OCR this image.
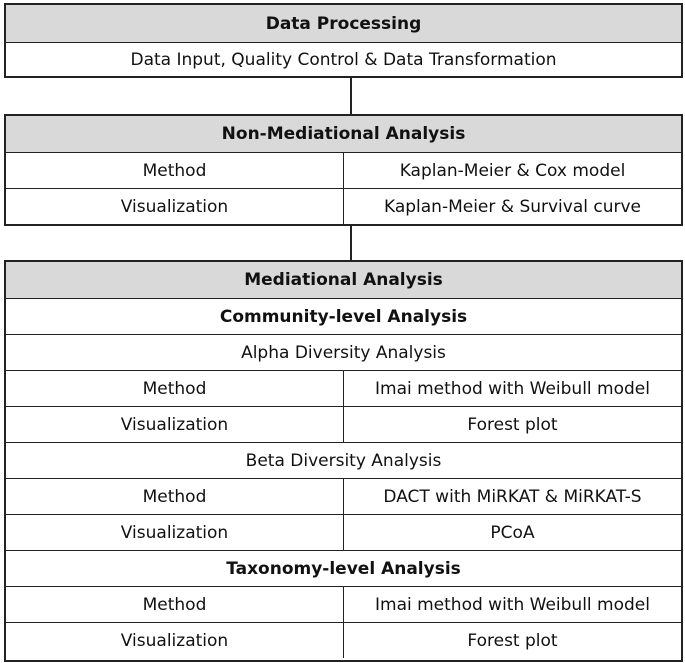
Data Processing
Data Input, Quality Control & Data Transformation
Non-Mediational Analysis
Method	Kaplan-Meier & Cox model
Visualization	Kaplan-Meier & Survival curve
Mediational Analysis
Community-level Analysis
Alpha Diversity Analysis
Method	Imai method with Weibull model
Visualization	Forest plot
Beta Diversity Analysis
Method	DACT with MiRKAT & MiRKAT-S
Visualization	PCoA
Taxonomy-level Analysis
Method	Imai method with Weibull model
Visualization	Forest plot
